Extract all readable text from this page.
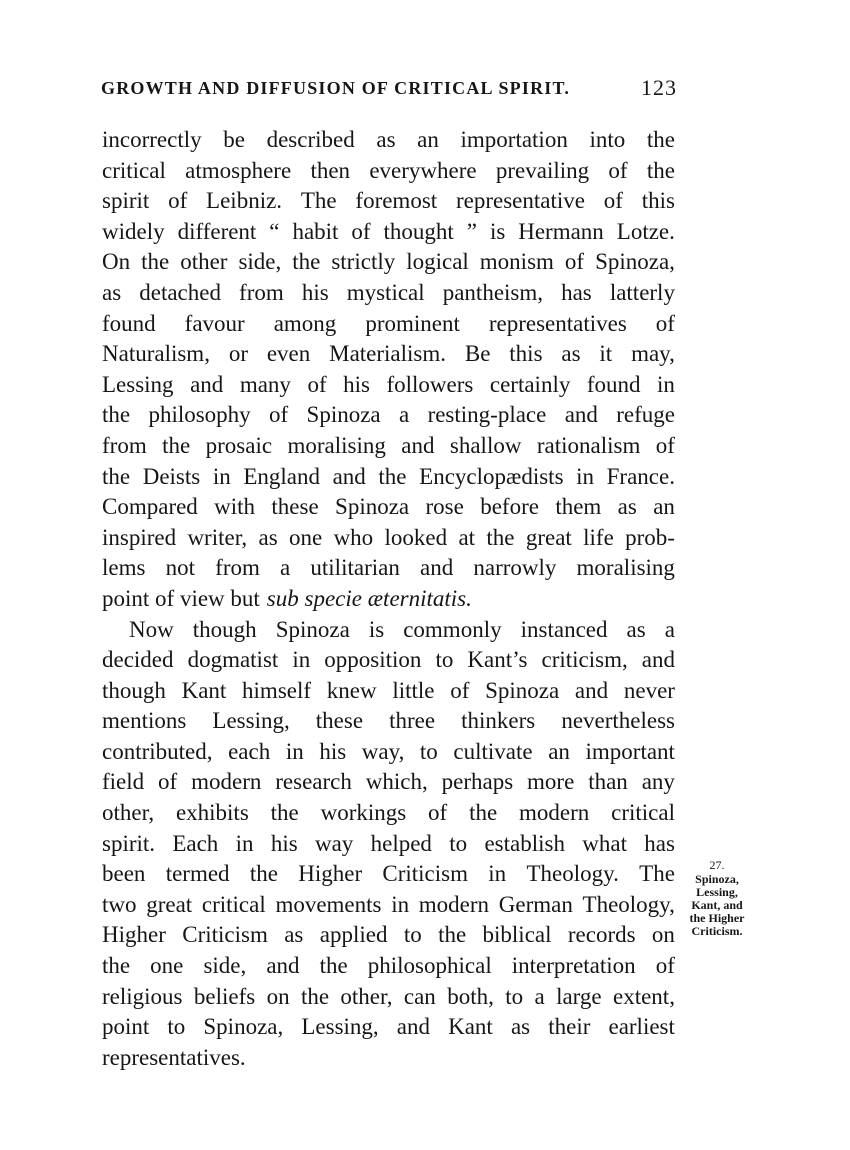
GROWTH AND DIFFUSION OF CRITICAL SPIRIT.	123
incorrectly be described as an importation into the
critical atmosphere then everywhere prevailing of the
spirit of Leibniz. The foremost representative of this
widely different “ habit of thought ” is Hermann Lotze.
On the other side, the strictly logical monism of Spinoza,
as detached from his mystical pantheism, has latterly
found favour among prominent representatives of
Naturalism, or even Materialism. Be this as it may,
Lessing and many of his followers certainly found in
the philosophy of Spinoza a resting-place and refuge
from the prosaic moralising and shallow rationalism of
the Deists in England and the Encyclopædists in France.
Compared with these Spinoza rose before them as an
inspired writer, as one who looked at the great life prob-
lems not from a utilitarian and narrowly moralising
point of view but sub specie æternitatis.
Now though Spinoza is commonly instanced as a
decided dogmatist in opposition to Kant’s criticism, and
though Kant himself knew little of Spinoza and never
mentions Lessing, these three thinkers nevertheless
contributed, each in his way, to cultivate an important
field of modern research which, perhaps more than any
other, exhibits the workings of the modern critical
spirit. Each in his way helped to establish what has
been termed the Higher Criticism in Theology. The
two great critical movements in modern German Theology,
Higher Criticism as applied to the biblical records on
the one side, and the philosophical interpretation of
religious beliefs on the other, can both, to a large extent,
point to Spinoza, Lessing, and Kant as their earliest
representatives.
27.
Spinoza,
Lessing,
Kant, and
the Higher
Criticism.
